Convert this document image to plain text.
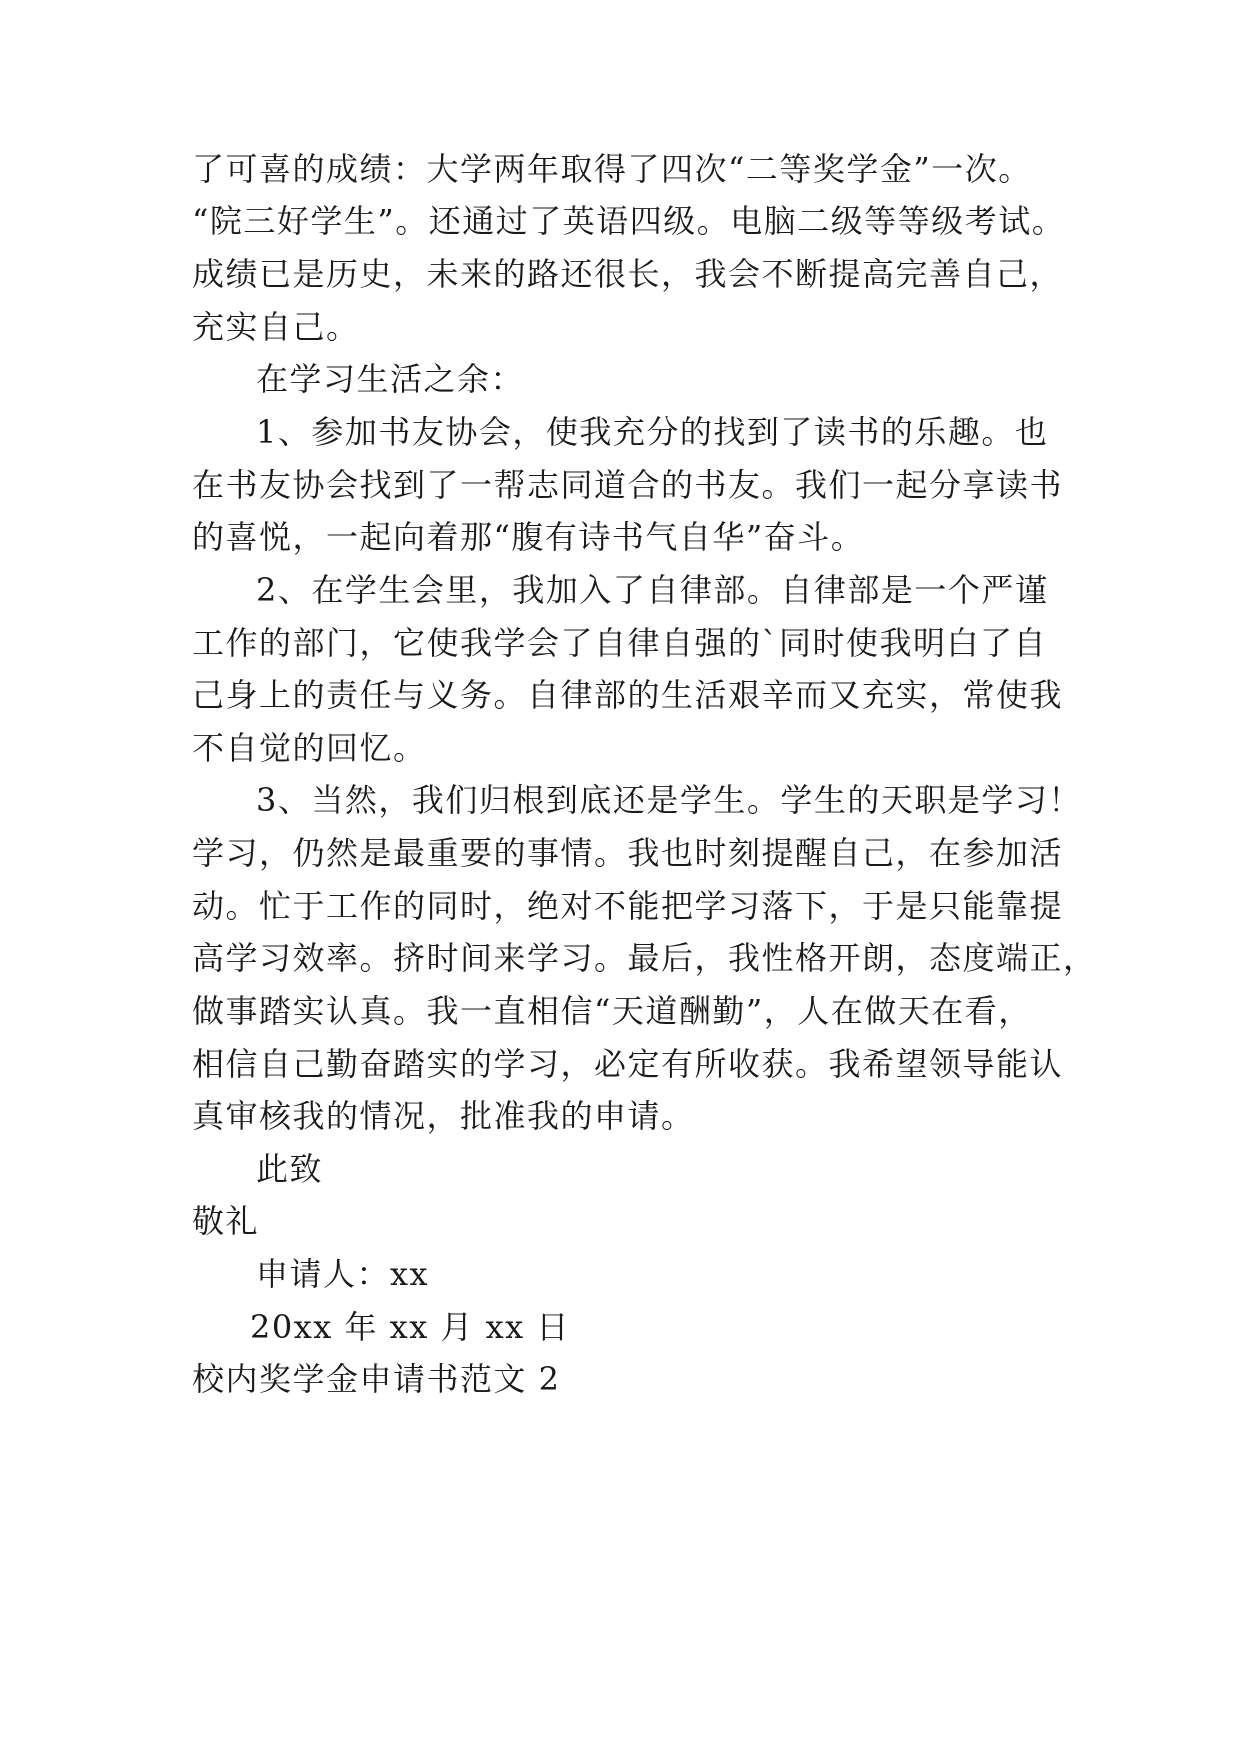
了可喜的成绩：大学两年取得了四次“二等奖学金”一次。
“院三好学生”。还通过了英语四级。电脑二级等等级考试。
成绩已是历史，未来的路还很长，我会不断提高完善自己，
充实自己。
在学习生活之余：
1、参加书友协会，使我充分的找到了读书的乐趣。也
在书友协会找到了一帮志同道合的书友。我们一起分享读书
的喜悦，一起向着那“腹有诗书气自华”奋斗。
2、在学生会里，我加入了自律部。自律部是一个严谨
工作的部门，它使我学会了自律自强的`同时使我明白了自
己身上的责任与义务。自律部的生活艰辛而又充实，常使我
不自觉的回忆。
3、当然，我们归根到底还是学生。学生的天职是学习！
学习，仍然是最重要的事情。我也时刻提醒自己，在参加活
动。忙于工作的同时，绝对不能把学习落下，于是只能靠提
高学习效率。挤时间来学习。最后，我性格开朗，态度端正，
做事踏实认真。我一直相信“天道酬勤”，人在做天在看，
相信自己勤奋踏实的学习，必定有所收获。我希望领导能认
真审核我的情况，批准我的申请。
此致
敬礼
申请人：xx
20xx 年 xx 月 xx 日
校内奖学金申请书范文 2
